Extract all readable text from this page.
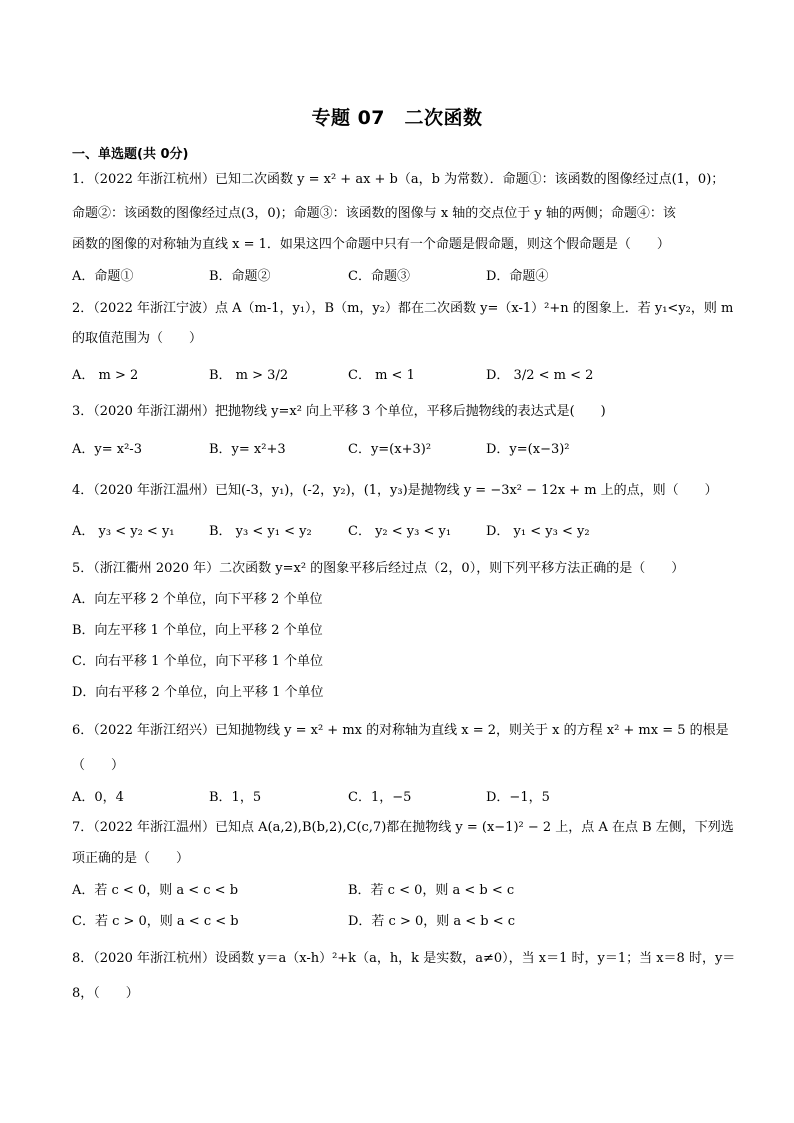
专题 07　二次函数
一、单选题(共 0分)
1．（2022 年浙江杭州）已知二次函数 y = x² + ax + b（a，b 为常数）．命题①：该函数的图像经过点(1，0)；
命题②：该函数的图像经过点(3，0)；命题③：该函数的图像与 x 轴的交点位于 y 轴的两侧；命题④：该
函数的图像的对称轴为直线 x = 1．如果这四个命题中只有一个命题是假命题，则这个假命题是（　　）
A．命题①	B．命题②	C．命题③	D．命题④
2．（2022 年浙江宁波）点 A（m-1，y₁），B（m，y₂）都在二次函数 y=（x-1）²+n 的图象上．若 y₁<y₂，则 m
的取值范围为（　　）
A． m > 2	B． m > 3/2	C． m < 1	D． 3/2 < m < 2
3．（2020 年浙江湖州）把抛物线 y=x² 向上平移 3 个单位，平移后抛物线的表达式是(　　)
A．y= x²-3	B．y= x²+3	C．y=(x+3)²	D．y=(x−3)²
4．（2020 年浙江温州）已知(-3，y₁)，(-2，y₂)，(1，y₃)是抛物线 y = −3x² − 12x + m 上的点，则（　　）
A． y₃ < y₂ < y₁	B． y₃ < y₁ < y₂	C． y₂ < y₃ < y₁	D． y₁ < y₃ < y₂
5．（浙江衢州 2020 年）二次函数 y=x² 的图象平移后经过点（2，0），则下列平移方法正确的是（　　）
A．向左平移 2 个单位，向下平移 2 个单位
B．向左平移 1 个单位，向上平移 2 个单位
C．向右平移 1 个单位，向下平移 1 个单位
D．向右平移 2 个单位，向上平移 1 个单位
6．（2022 年浙江绍兴）已知抛物线 y = x² + mx 的对称轴为直线 x = 2，则关于 x 的方程 x² + mx = 5 的根是
（　　）
A．0，4	B．1，5	C．1，−5	D．−1，5
7．（2022 年浙江温州）已知点 A(a,2),B(b,2),C(c,7)都在抛物线 y = (x−1)² − 2 上，点 A 在点 B 左侧，下列选
项正确的是（　　）
A．若 c < 0，则 a < c < b	B．若 c < 0，则 a < b < c
C．若 c > 0，则 a < c < b	D．若 c > 0，则 a < b < c
8．（2020 年浙江杭州）设函数 y＝a（x-h）²+k（a，h，k 是实数，a≠0），当 x＝1 时，y＝1；当 x＝8 时，y＝
8，（　　）
